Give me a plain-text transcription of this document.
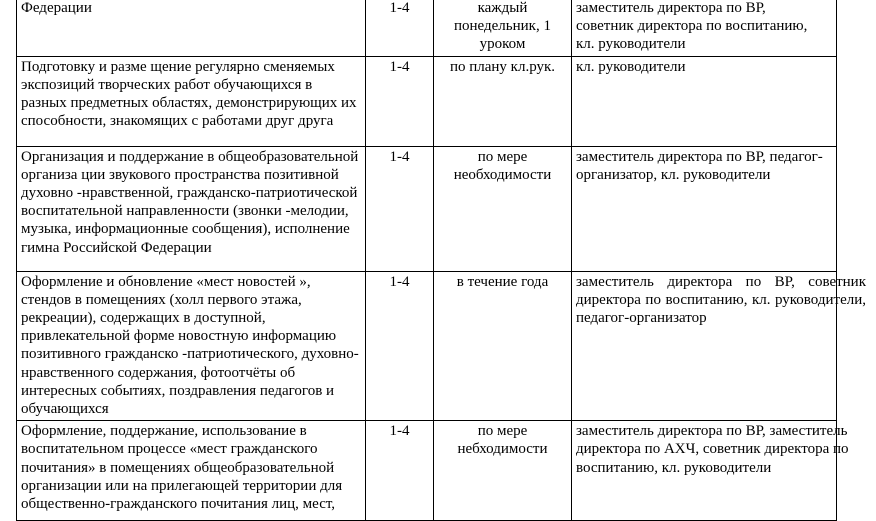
Федерации	1-4	каждый понедельник, 1 уроком	заместитель директора по ВР, советник директора по воспитанию, кл. руководители

Подготовку и разме щение регулярно сменяемых экспозиций творческих работ обучающихся в разных предметных областях, демонстрирующих их способности, знакомящих с работами друг друга	1-4	по плану кл.рук.	кл. руководители

Организация и поддержание в общеобразовательной организа ции звукового пространства позитивной духовно -нравственной, гражданско-патриотической воспитательной направленности (звонки -мелодии, музыка, информационные сообщения), исполнение гимна Российской Федерации	1-4	по мере необходимости	заместитель директора по ВР, педагог-организатор, кл. руководители

Оформление и обновление «мест новостей », стендов в помещениях (холл первого этажа, рекреации), содержащих в доступной, привлекательной форме новостную информацию позитивного гражданско -патриотического, духовно-нравственного содержания, фотоотчёты об интересных событиях, поздравления педагогов и обучающихся	1-4	в течение года	заместитель директора по ВР, советник директора по воспитанию, кл. руководители, педагог-организатор

Оформление, поддержание, использование в воспитательном процессе «мест гражданского почитания» в помещениях общеобразовательной организации или на прилегающей территории для общественно-гражданского почитания лиц, мест,	1-4	по мере небходимости	заместитель директора по ВР, заместитель директора по АХЧ, советник директора по воспитанию, кл. руководители
